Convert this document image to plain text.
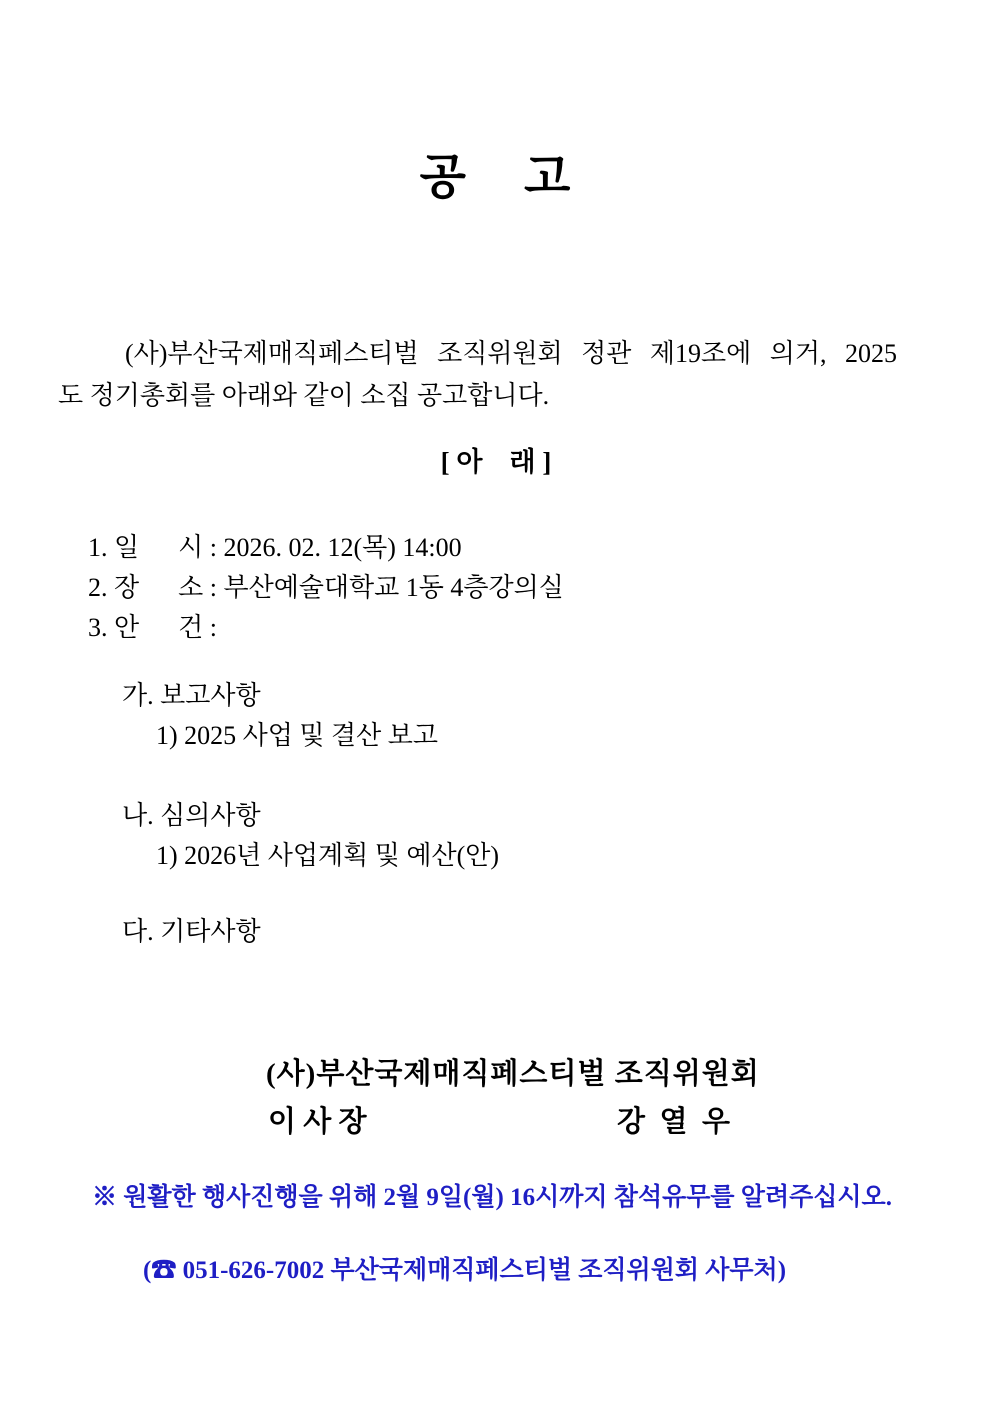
공    고
(사)부산국제매직페스티벌 조직위원회 정관 제19조에 의거, 2025
도 정기총회를 아래와 같이 소집 공고합니다.
[ 아    래 ]
1. 일      시 : 2026. 02. 12(목) 14:00
2. 장      소 : 부산예술대학교 1동 4층강의실
3. 안      건 :
가. 보고사항
1) 2025 사업 및 결산 보고
나. 심의사항
1) 2026년 사업계획 및 예산(안)
다. 기타사항
(사)부산국제매직페스티벌 조직위원회
이 사 장	강  열  우
※ 원활한 행사진행을 위해 2월 9일(월) 16시까지 참석유무를 알려주십시오.

(☎ 051-626-7002 부산국제매직페스티벌 조직위원회 사무처)
